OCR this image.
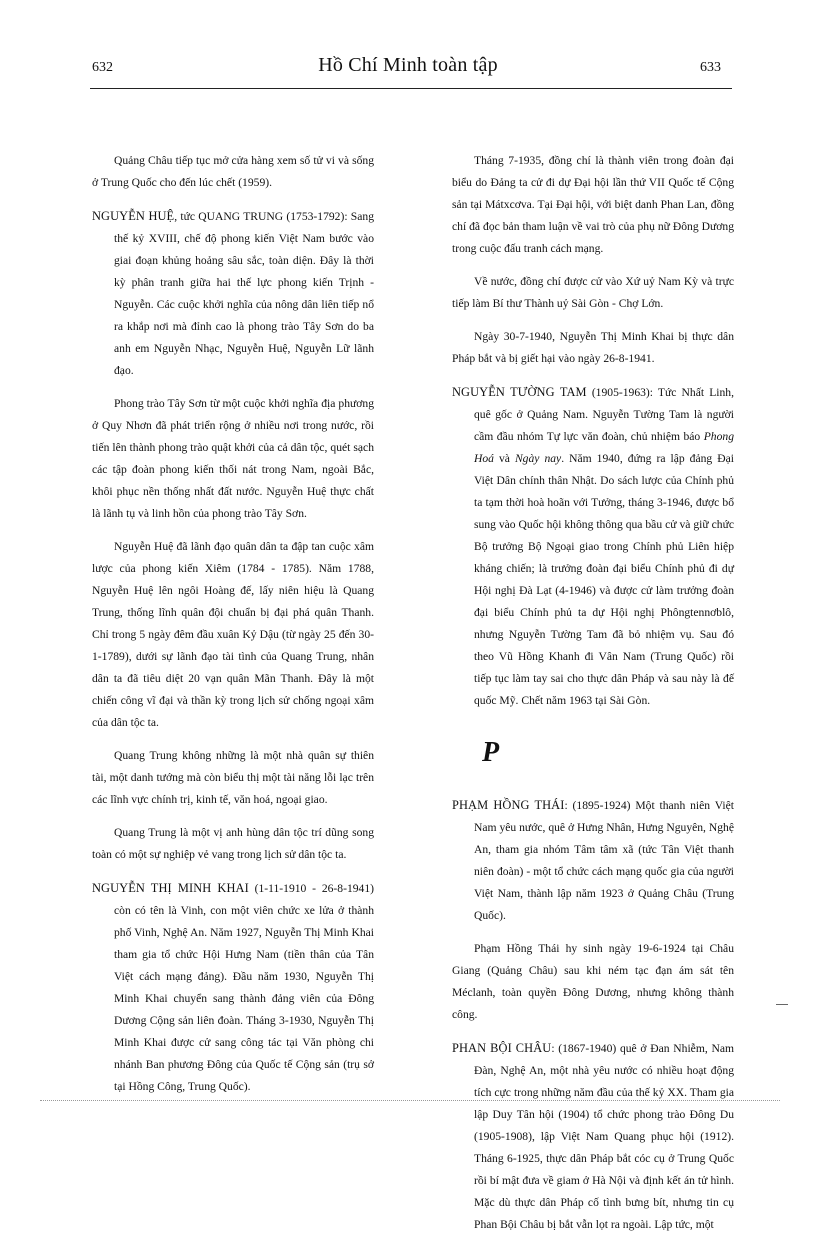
632	Hồ Chí Minh toàn tập	633

Quảng Châu tiếp tục mở cửa hàng xem số tử vi và sống ở Trung Quốc cho đến lúc chết (1959).

NGUYỄN HUỆ, tức QUANG TRUNG (1753-1792): Sang thế kỷ XVIII, chế độ phong kiến Việt Nam bước vào giai đoạn khủng hoảng sâu sắc, toàn diện. Đây là thời kỳ phân tranh giữa hai thế lực phong kiến Trịnh - Nguyễn. Các cuộc khởi nghĩa của nông dân liên tiếp nổ ra khắp nơi mà đỉnh cao là phong trào Tây Sơn do ba anh em Nguyễn Nhạc, Nguyễn Huệ, Nguyễn Lữ lãnh đạo.

Phong trào Tây Sơn từ một cuộc khởi nghĩa địa phương ở Quy Nhơn đã phát triển rộng ở nhiều nơi trong nước, rồi tiến lên thành phong trào quật khởi của cả dân tộc, quét sạch các tập đoàn phong kiến thối nát trong Nam, ngoài Bắc, khôi phục nền thống nhất đất nước. Nguyễn Huệ thực chất là lãnh tụ và linh hồn của phong trào Tây Sơn.

Nguyễn Huệ đã lãnh đạo quân dân ta đập tan cuộc xâm lược của phong kiến Xiêm (1784 - 1785). Năm 1788, Nguyễn Huệ lên ngôi Hoàng đế, lấy niên hiệu là Quang Trung, thống lĩnh quân đội chuẩn bị đại phá quân Thanh. Chỉ trong 5 ngày đêm đầu xuân Kỷ Dậu (từ ngày 25 đến 30-1-1789), dưới sự lãnh đạo tài tình của Quang Trung, nhân dân ta đã tiêu diệt 20 vạn quân Mãn Thanh. Đây là một chiến công vĩ đại và thần kỳ trong lịch sử chống ngoại xâm của dân tộc ta.

Quang Trung không những là một nhà quân sự thiên tài, một danh tướng mà còn biểu thị một tài năng lỗi lạc trên các lĩnh vực chính trị, kinh tế, văn hoá, ngoại giao.

Quang Trung là một vị anh hùng dân tộc trí dũng song toàn có một sự nghiệp vẻ vang trong lịch sử dân tộc ta.

NGUYỄN THỊ MINH KHAI (1-11-1910 - 26-8-1941) còn có tên là Vinh, con một viên chức xe lửa ở thành phố Vinh, Nghệ An. Năm 1927, Nguyễn Thị Minh Khai tham gia tổ chức Hội Hưng Nam (tiền thân của Tân Việt cách mạng đảng). Đầu năm 1930, Nguyễn Thị Minh Khai chuyển sang thành đảng viên của Đông Dương Cộng sản liên đoàn. Tháng 3-1930, Nguyễn Thị Minh Khai được cử sang công tác tại Văn phòng chi nhánh Ban phương Đông của Quốc tế Cộng sản (trụ sở tại Hồng Công, Trung Quốc).

Tháng 7-1935, đồng chí là thành viên trong đoàn đại biểu do Đảng ta cử đi dự Đại hội lần thứ VII Quốc tế Cộng sản tại Mátxcơva. Tại Đại hội, với biệt danh Phan Lan, đồng chí đã đọc bản tham luận về vai trò của phụ nữ Đông Dương trong cuộc đấu tranh cách mạng.

Về nước, đồng chí được cử vào Xứ uỷ Nam Kỳ và trực tiếp làm Bí thư Thành uỷ Sài Gòn - Chợ Lớn.

Ngày 30-7-1940, Nguyễn Thị Minh Khai bị thực dân Pháp bắt và bị giết hại vào ngày 26-8-1941.

NGUYỄN TƯỜNG TAM (1905-1963): Tức Nhất Linh, quê gốc ở Quảng Nam. Nguyễn Tường Tam là người cầm đầu nhóm Tự lực văn đoàn, chủ nhiệm báo Phong Hoá và Ngày nay. Năm 1940, đứng ra lập đảng Đại Việt Dân chính thân Nhật. Do sách lược của Chính phủ ta tạm thời hoà hoãn với Tưởng, tháng 3-1946, được bổ sung vào Quốc hội không thông qua bầu cử và giữ chức Bộ trưởng Bộ Ngoại giao trong Chính phủ Liên hiệp kháng chiến; là trưởng đoàn đại biểu Chính phủ đi dự Hội nghị Đà Lạt (4-1946) và được cử làm trưởng đoàn đại biểu Chính phủ ta dự Hội nghị Phôngtennơblô, nhưng Nguyễn Tường Tam đã bỏ nhiệm vụ. Sau đó theo Vũ Hồng Khanh đi Vân Nam (Trung Quốc) rồi tiếp tục làm tay sai cho thực dân Pháp và sau này là đế quốc Mỹ. Chết năm 1963 tại Sài Gòn.

P

PHẠM HỒNG THÁI: (1895-1924) Một thanh niên Việt Nam yêu nước, quê ở Hưng Nhân, Hưng Nguyên, Nghệ An, tham gia nhóm Tâm tâm xã (tức Tân Việt thanh niên đoàn) - một tổ chức cách mạng quốc gia của người Việt Nam, thành lập năm 1923 ở Quảng Châu (Trung Quốc).

Phạm Hồng Thái hy sinh ngày 19-6-1924 tại Châu Giang (Quảng Châu) sau khi ném tạc đạn ám sát tên Méclanh, toàn quyền Đông Dương, nhưng không thành công.

PHAN BỘI CHÂU: (1867-1940) quê ở Đan Nhiễm, Nam Đàn, Nghệ An, một nhà yêu nước có nhiều hoạt động tích cực trong những năm đầu của thế kỷ XX. Tham gia lập Duy Tân hội (1904) tổ chức phong trào Đông Du (1905-1908), lập Việt Nam Quang phục hội (1912). Tháng 6-1925, thực dân Pháp bắt cóc cụ ở Trung Quốc rồi bí mật đưa về giam ở Hà Nội và định kết án tử hình. Mặc dù thực dân Pháp cố tình bưng bít, nhưng tin cụ Phan Bội Châu bị bắt vẫn lọt ra ngoài. Lập tức, một
